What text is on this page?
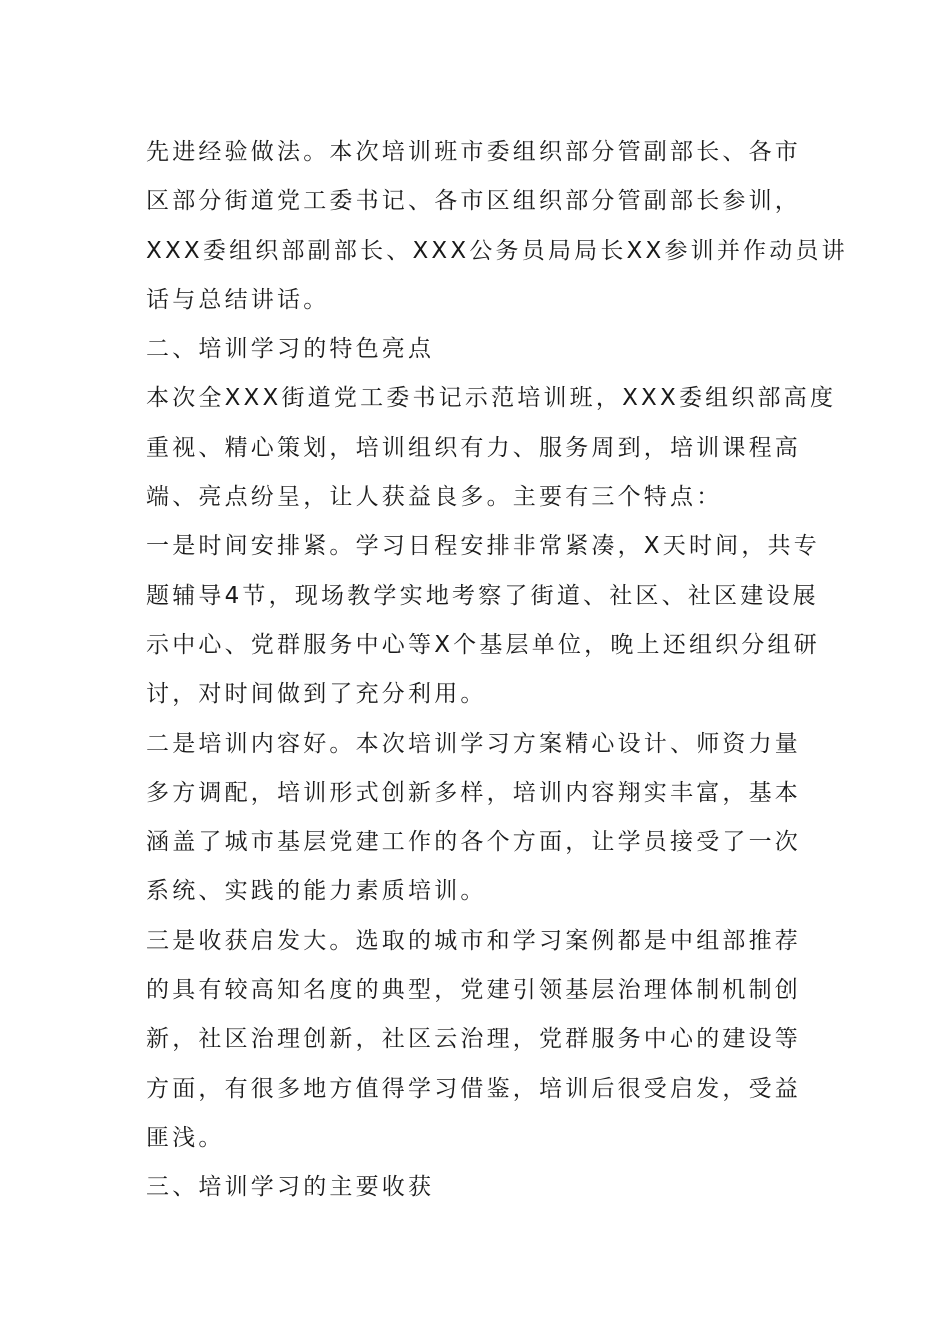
先进经验做法。本次培训班市委组织部分管副部长、各市
区部分街道党工委书记、各市区组织部分管副部长参训，
XXX委组织部副部长、XXX公务员局局长XX参训并作动员讲
话与总结讲话。
二、培训学习的特色亮点
本次全XXX街道党工委书记示范培训班，XXX委组织部高度
重视、精心策划，培训组织有力、服务周到，培训课程高
端、亮点纷呈，让人获益良多。主要有三个特点：
一是时间安排紧。学习日程安排非常紧凑，X天时间，共专
题辅导4节，现场教学实地考察了街道、社区、社区建设展
示中心、党群服务中心等X个基层单位，晚上还组织分组研
讨，对时间做到了充分利用。
二是培训内容好。本次培训学习方案精心设计、师资力量
多方调配，培训形式创新多样，培训内容翔实丰富，基本
涵盖了城市基层党建工作的各个方面，让学员接受了一次
系统、实践的能力素质培训。
三是收获启发大。选取的城市和学习案例都是中组部推荐
的具有较高知名度的典型，党建引领基层治理体制机制创
新，社区治理创新，社区云治理，党群服务中心的建设等
方面，有很多地方值得学习借鉴，培训后很受启发，受益
匪浅。
三、培训学习的主要收获
